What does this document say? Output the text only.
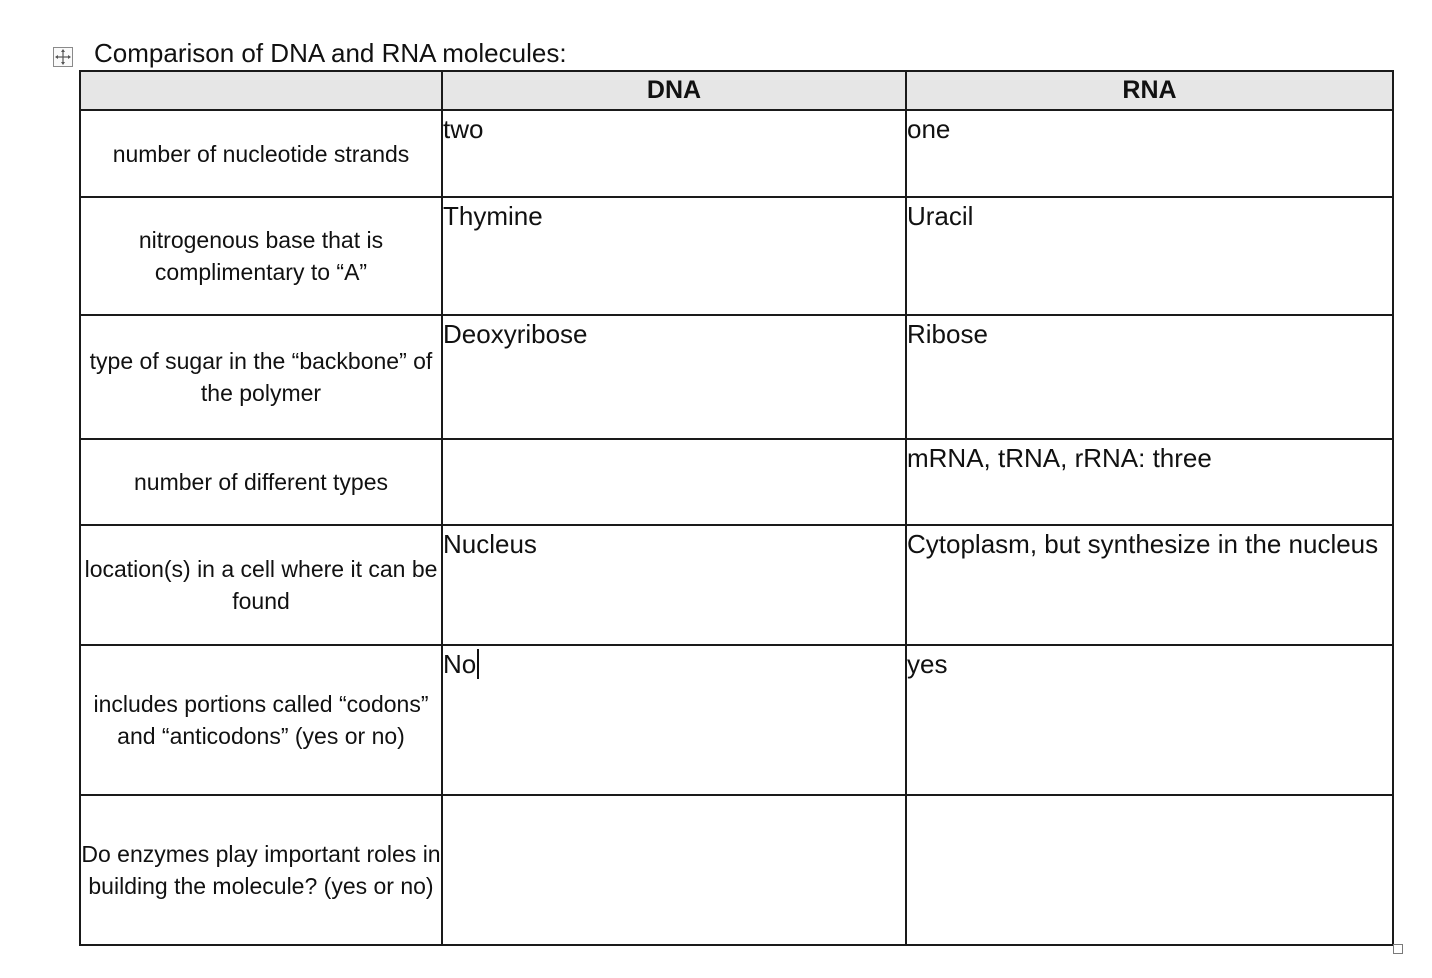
Comparison of DNA and RNA molecules:
	DNA	RNA
number of nucleotide strands	two	one
nitrogenous base that is complimentary to “A”	Thymine	Uracil
type of sugar in the “backbone” of the polymer	Deoxyribose	Ribose
number of different types		mRNA, tRNA, rRNA: three
location(s) in a cell where it can be found	Nucleus	Cytoplasm, but synthesize in the nucleus
includes portions called “codons” and “anticodons” (yes or no)	No	yes
Do enzymes play important roles in building the molecule? (yes or no)		
